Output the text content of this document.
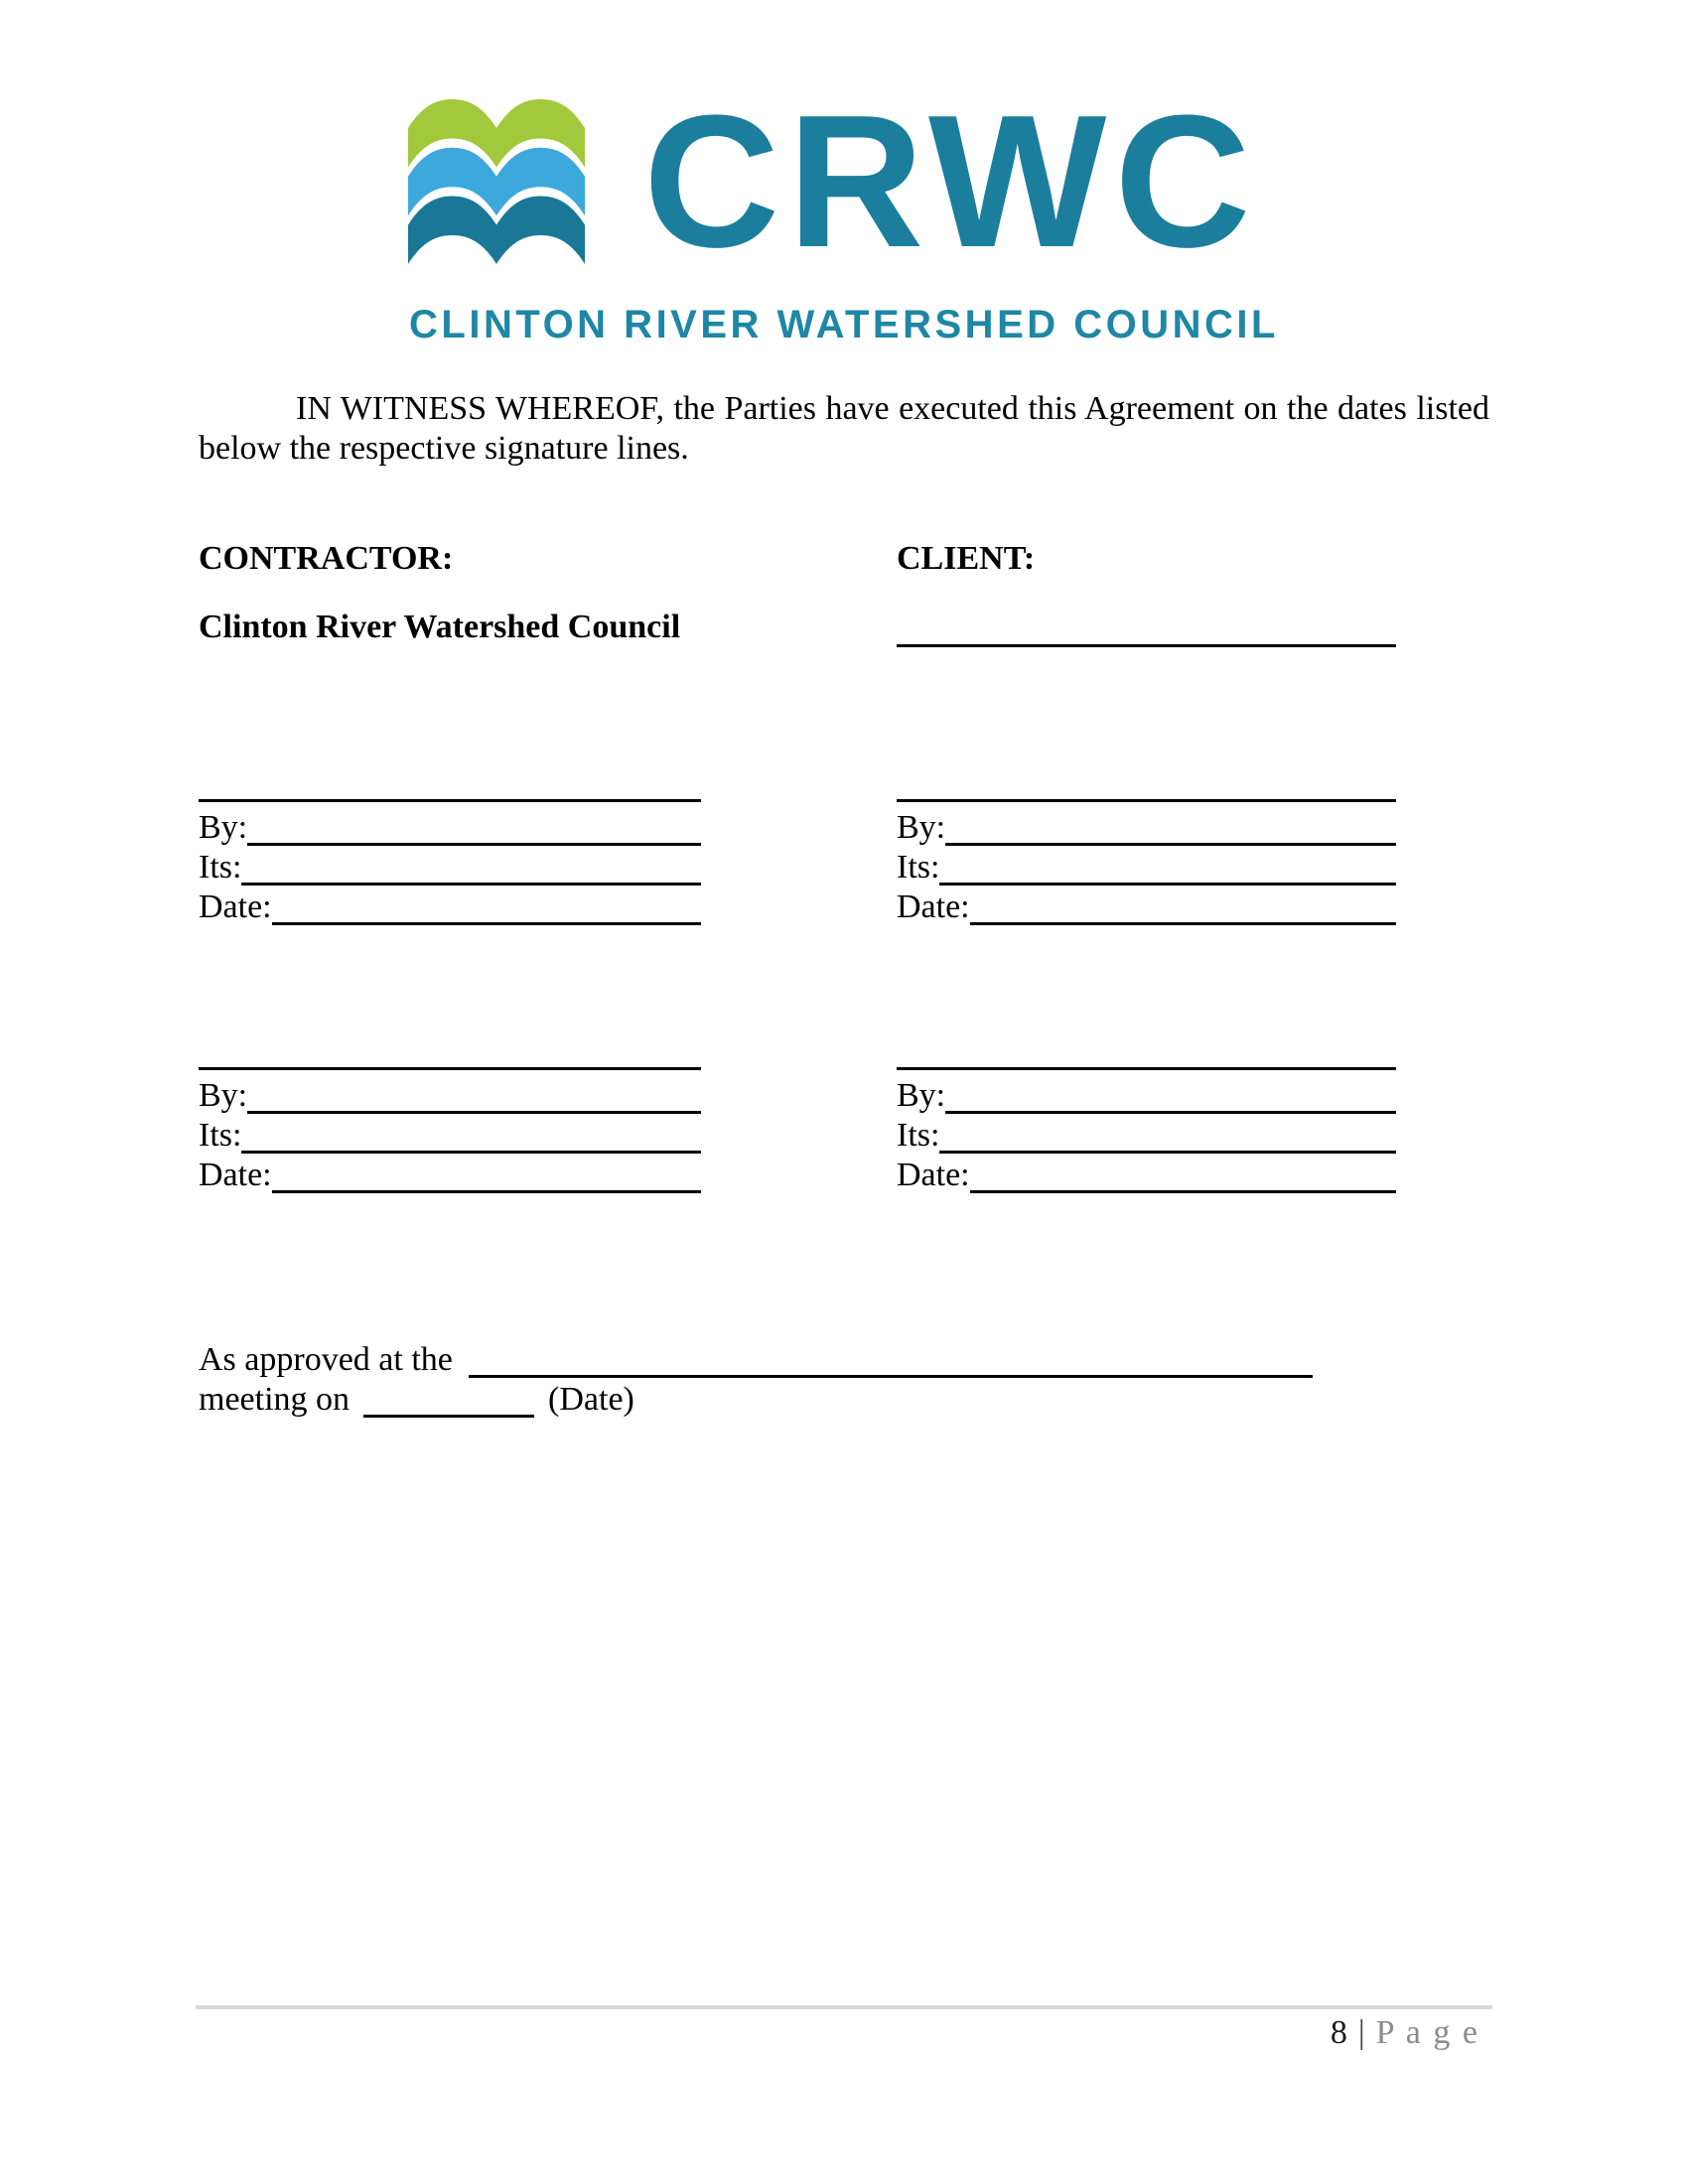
CRWC
CLINTON RIVER WATERSHED COUNCIL
IN WITNESS WHEREOF, the Parties have executed this Agreement on the dates listed
below the respective signature lines.
CONTRACTOR:	CLIENT:
Clinton River Watershed Council
By:
Its:
Date:
By:
Its:
Date:
By:
Its:
Date:
By:
Its:
Date:
As approved at the
meeting on	(Date)
8 | P a g e
